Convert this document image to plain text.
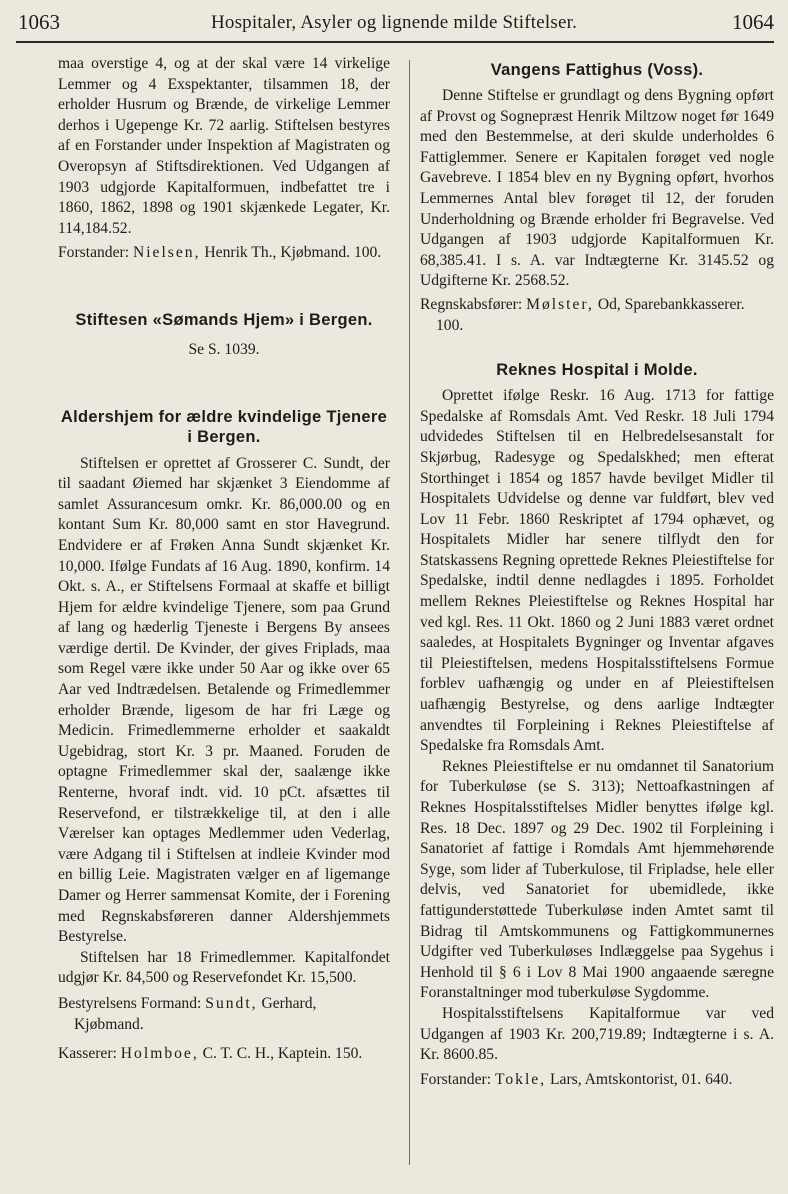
1063	Hospitaler, Asyler og lignende milde Stiftelser.	1064

maa overstige 4, og at der skal være 14 virkelige Lemmer og 4 Exspektanter, tilsammen 18, der erholder Husrum og Brænde, de virkelige Lemmer derhos i Ugepenge Kr. 72 aarlig. Stiftelsen bestyres af en Forstander under Inspektion af Magistraten og Overopsyn af Stiftsdirektionen. Ved Udgangen af 1903 udgjorde Kapitalformuen, indbefattet tre i 1860, 1862, 1898 og 1901 skjænkede Legater, Kr. 114,184.52.

Forstander: Nielsen, Henrik Th., Kjøbmand. 100.

Stiftesen «Sømands Hjem» i Bergen.

Se S. 1039.

Aldershjem for ældre kvindelige Tjenere i Bergen.

Stiftelsen er oprettet af Grosserer C. Sundt, der til saadant Øiemed har skjænket 3 Eiendomme af samlet Assurancesum omkr. Kr. 86,000.00 og en kontant Sum Kr. 80,000 samt en stor Havegrund. Endvidere er af Frøken Anna Sundt skjænket Kr. 10,000. Ifølge Fundats af 16 Aug. 1890, konfirm. 14 Okt. s. A., er Stiftelsens Formaal at skaffe et billigt Hjem for ældre kvindelige Tjenere, som paa Grund af lang og hæderlig Tjeneste i Bergens By ansees værdige dertil. De Kvinder, der gives Friplads, maa som Regel være ikke under 50 Aar og ikke over 65 Aar ved Indtrædelsen. Betalende og Frimedlemmer erholder Brænde, ligesom de har fri Læge og Medicin. Frimedlemmerne erholder et saakaldt Ugebidrag, stort Kr. 3 pr. Maaned. Foruden de optagne Frimedlemmer skal der, saalænge ikke Renterne, hvoraf indt. vid. 10 pCt. afsættes til Reservefond, er tilstrækkelige til, at den i alle Værelser kan optages Medlemmer uden Vederlag, være Adgang til i Stiftelsen at indleie Kvinder mod en billig Leie. Magistraten vælger en af ligemange Damer og Herrer sammensat Komite, der i Forening med Regnskabsføreren danner Aldershjemmets Bestyrelse.

Stiftelsen har 18 Frimedlemmer. Kapitalfondet udgjør Kr. 84,500 og Reservefondet Kr. 15,500.

Bestyrelsens Formand: Sundt, Gerhard, Kjøbmand.

Kasserer: Holmboe, C. T. C. H., Kaptein. 150.

Vangens Fattighus (Voss).

Denne Stiftelse er grundlagt og dens Bygning opført af Provst og Sognepræst Henrik Miltzow noget før 1649 med den Bestemmelse, at deri skulde underholdes 6 Fattiglemmer. Senere er Kapitalen forøget ved nogle Gavebreve. I 1854 blev en ny Bygning opført, hvorhos Lemmernes Antal blev forøget til 12, der foruden Underholdning og Brænde erholder fri Begravelse. Ved Udgangen af 1903 udgjorde Kapitalformuen Kr. 68,385.41. I s. A. var Indtægterne Kr. 3145.52 og Udgifterne Kr. 2568.52.

Regnskabsfører: Mølster, Od, Sparebankkasserer. 100.

Reknes Hospital i Molde.

Oprettet ifølge Reskr. 16 Aug. 1713 for fattige Spedalske af Romsdals Amt. Ved Reskr. 18 Juli 1794 udvidedes Stiftelsen til en Helbredelsesanstalt for Skjørbug, Radesyge og Spedalskhed; men efterat Storthinget i 1854 og 1857 havde bevilget Midler til Hospitalets Udvidelse og denne var fuldført, blev ved Lov 11 Febr. 1860 Reskriptet af 1794 ophævet, og Hospitalets Midler har senere tilflydt den for Statskassens Regning oprettede Reknes Pleiestiftelse for Spedalske, indtil denne nedlagdes i 1895. Forholdet mellem Reknes Pleiestiftelse og Reknes Hospital har ved kgl. Res. 11 Okt. 1860 og 2 Juni 1883 været ordnet saaledes, at Hospitalets Bygninger og Inventar afgaves til Pleiestiftelsen, medens Hospitalsstiftelsens Formue forblev uafhængig og under en af Pleiestiftelsen uafhængig Bestyrelse, og dens aarlige Indtægter anvendtes til Forpleining i Reknes Pleiestiftelse af Spedalske fra Romsdals Amt.

Reknes Pleiestiftelse er nu omdannet til Sanatorium for Tuberkuløse (se S. 313); Nettoafkastningen af Reknes Hospitalsstiftelses Midler benyttes ifølge kgl. Res. 18 Dec. 1897 og 29 Dec. 1902 til Forpleining i Sanatoriet af fattige i Romdals Amt hjemmehørende Syge, som lider af Tuberkulose, til Fripladse, hele eller delvis, ved Sanatoriet for ubemidlede, ikke fattigunderstøttede Tuberkuløse inden Amtet samt til Bidrag til Amtskommunens og Fattigkommunernes Udgifter ved Tuberkuløses Indlæggelse paa Sygehus i Henhold til § 6 i Lov 8 Mai 1900 angaaende særegne Foranstaltninger mod tuberkuløse Sygdomme.

Hospitalsstiftelsens Kapitalformue var ved Udgangen af 1903 Kr. 200,719.89; Indtægterne i s. A. Kr. 8600.85.

Forstander: Tokle, Lars, Amtskontorist, 01. 640.
